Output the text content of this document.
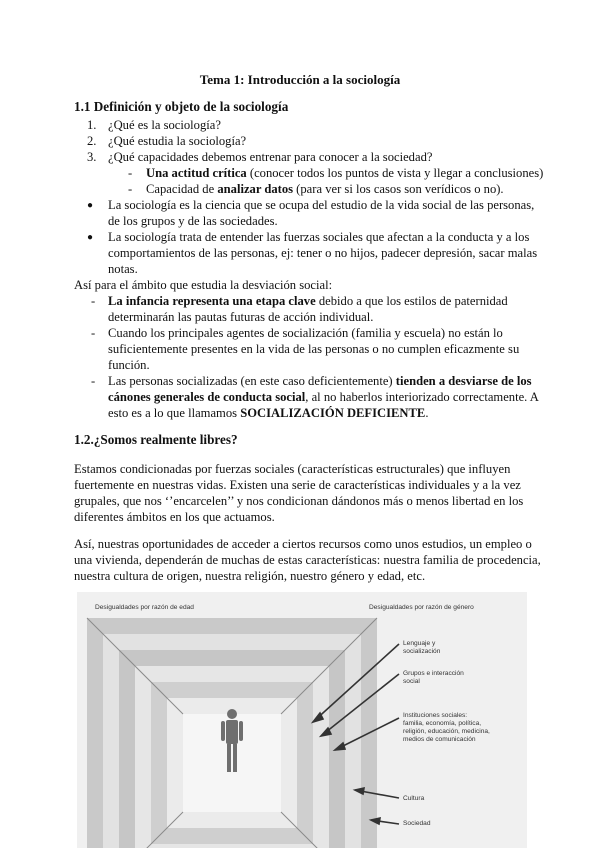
Tema 1: Introducción a la sociología
1.1 Definición y objeto de la sociología
1. ¿Qué es la sociología?
2. ¿Qué estudia la sociología?
3. ¿Qué capacidades debemos entrenar para conocer a la sociedad?
- Una actitud crítica (conocer todos los puntos de vista y llegar a conclusiones)
- Capacidad de analizar datos (para ver si los casos son verídicos o no).
● La sociología es la ciencia que se ocupa del estudio de la vida social de las personas,
de los grupos y de las sociedades.
● La sociología trata de entender las fuerzas sociales que afectan a la conducta y a los
comportamientos de las personas, ej: tener o no hijos, padecer depresión, sacar malas
notas.
Así para el ámbito que estudia la desviación social:
- La infancia representa una etapa clave debido a que los estilos de paternidad
determinarán las pautas futuras de acción individual.
- Cuando los principales agentes de socialización (familia y escuela) no están lo
suficientemente presentes en la vida de las personas o no cumplen eficazmente su
función.
- Las personas socializadas (en este caso deficientemente) tienden a desviarse de los
cánones generales de conducta social, al no haberlos interiorizado correctamente. A
esto es a lo que llamamos SOCIALIZACIÓN DEFICIENTE.
1.2.¿Somos realmente libres?
Estamos condicionadas por fuerzas sociales (características estructurales) que influyen
fuertemente en nuestras vidas. Existen una serie de características individuales y a la vez
grupales, que nos ‘’encarcelen’’ y nos condicionan dándonos más o menos libertad en los
diferentes ámbitos en los que actuamos.
Así, nuestras oportunidades de acceder a ciertos recursos como unos estudios, un empleo o
una vivienda, dependerán de muchas de estas características: nuestra familia de procedencia,
nuestra cultura de origen, nuestra religión, nuestro género y edad, etc.
Desigualdades por razón de edad	Desigualdades por razón de género
Lenguaje y
socialización
Grupos e interacción
social
Instituciones sociales:
familia, economía, política,
religión, educación, medicina,
medios de comunicación
Cultura
Sociedad
